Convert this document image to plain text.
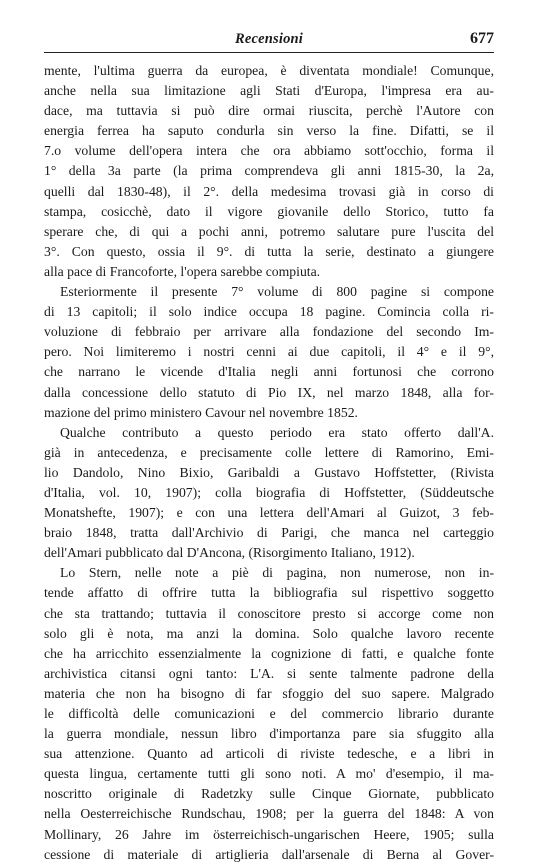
Recensioni	677
mente, l'ultima guerra da europea, è diventata mondiale! Comunque,
anche nella sua limitazione agli Stati d'Europa, l'impresa era au-
dace, ma tuttavia si può dire ormai riuscita, perchè l'Autore con
energia ferrea ha saputo condurla sin verso la fine. Difatti, se il
7.o volume dell'opera intera che ora abbiamo sott'occhio, forma il
1° della 3a parte (la prima comprendeva gli anni 1815-30, la 2a,
quelli dal 1830-48), il 2°. della medesima trovasi già in corso di
stampa, cosicchè, dato il vigore giovanile dello Storico, tutto fa
sperare che, di qui a pochi anni, potremo salutare pure l'uscita del
3°. Con questo, ossia il 9°. di tutta la serie, destinato a giungere
alla pace di Francoforte, l'opera sarebbe compiuta.
Esteriormente il presente 7° volume di 800 pagine si compone
di 13 capitoli; il solo indice occupa 18 pagine. Comincia colla ri-
voluzione di febbraio per arrivare alla fondazione del secondo Im-
pero. Noi limiteremo i nostri cenni ai due capitoli, il 4° e il 9°,
che narrano le vicende d'Italia negli anni fortunosi che corrono
dalla concessione dello statuto di Pio IX, nel marzo 1848, alla for-
mazione del primo ministero Cavour nel novembre 1852.
Qualche contributo a questo periodo era stato offerto dall'A.
già in antecedenza, e precisamente colle lettere di Ramorino, Emi-
lio Dandolo, Nino Bixio, Garibaldi a Gustavo Hoffstetter, (Rivista
d'Italia, vol. 10, 1907); colla biografia di Hoffstetter, (Süddeutsche
Monatshefte, 1907); e con una lettera dell'Amari al Guizot, 3 feb-
braio 1848, tratta dall'Archivio di Parigi, che manca nel carteggio
dell'Amari pubblicato dal D'Ancona, (Risorgimento Italiano, 1912).
Lo Stern, nelle note a piè di pagina, non numerose, non in-
tende affatto di offrire tutta la bibliografia sul rispettivo soggetto
che sta trattando; tuttavia il conoscitore presto si accorge come non
solo gli è nota, ma anzi la domina. Solo qualche lavoro recente
che ha arricchito essenzialmente la cognizione di fatti, e qualche fonte
archivistica citansi ogni tanto: L'A. si sente talmente padrone della
materia che non ha bisogno di far sfoggio del suo sapere. Malgrado
le difficoltà delle comunicazioni e del commercio librario durante
la guerra mondiale, nessun libro d'importanza pare sia sfuggito alla
sua attenzione. Quanto ad articoli di riviste tedesche, e a libri in
questa lingua, certamente tutti gli sono noti. A mo' d'esempio, il ma-
noscritto originale di Radetzky sulle Cinque Giornate, pubblicato
nella Oesterreichische Rundschau, 1908; per la guerra del 1848: A von
Mollinary, 26 Jahre im österreichisch-ungarischen Heere, 1905; sulla
cessione di materiale di artiglieria dall'arsenale di Berna al Gover-
